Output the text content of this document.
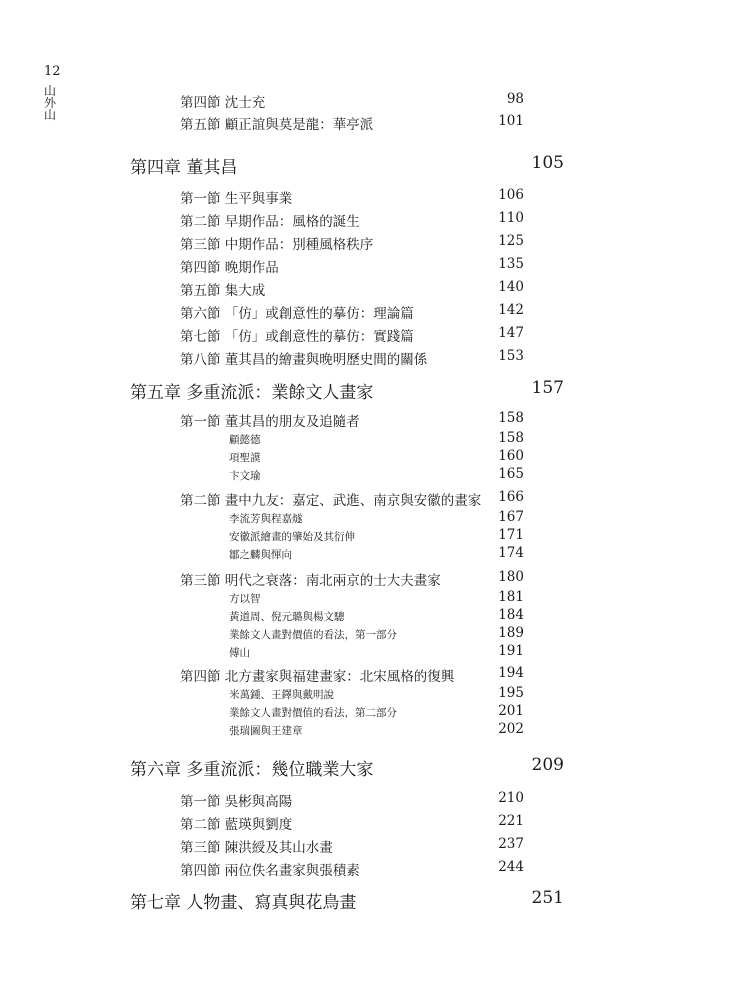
12
山外山
第四節 沈士充	98
第五節 顧正誼與莫是龍：華亭派	101
第四章 董其昌	105
第一節 生平與事業	106
第二節 早期作品：風格的誕生	110
第三節 中期作品：別種風格秩序	125
第四節 晚期作品	135
第五節 集大成	140
第六節 「仿」或創意性的摹仿：理論篇	142
第七節 「仿」或創意性的摹仿：實踐篇	147
第八節 董其昌的繪畫與晚明歷史間的關係	153
第五章 多重流派：業餘文人畫家	157
第一節 董其昌的朋友及追隨者	158
顧懿德	158
項聖謨	160
卞文瑜	165
第二節 畫中九友：嘉定、武進、南京與安徽的畫家	166
李流芳與程嘉燧	167
安徽派繪畫的肇始及其衍伸	171
鄒之麟與惲向	174
第三節 明代之衰落：南北兩京的士大夫畫家	180
方以智	181
黃道周、倪元璐與楊文驄	184
業餘文人畫對價值的看法，第一部分	189
傅山	191
第四節 北方畫家與福建畫家：北宋風格的復興	194
米萬鍾、王鐸與戴明說	195
業餘文人畫對價值的看法，第二部分	201
張瑞圖與王建章	202
第六章 多重流派：幾位職業大家	209
第一節 吳彬與高陽	210
第二節 藍瑛與劉度	221
第三節 陳洪綬及其山水畫	237
第四節 兩位佚名畫家與張積素	244
第七章 人物畫、寫真與花鳥畫	251
